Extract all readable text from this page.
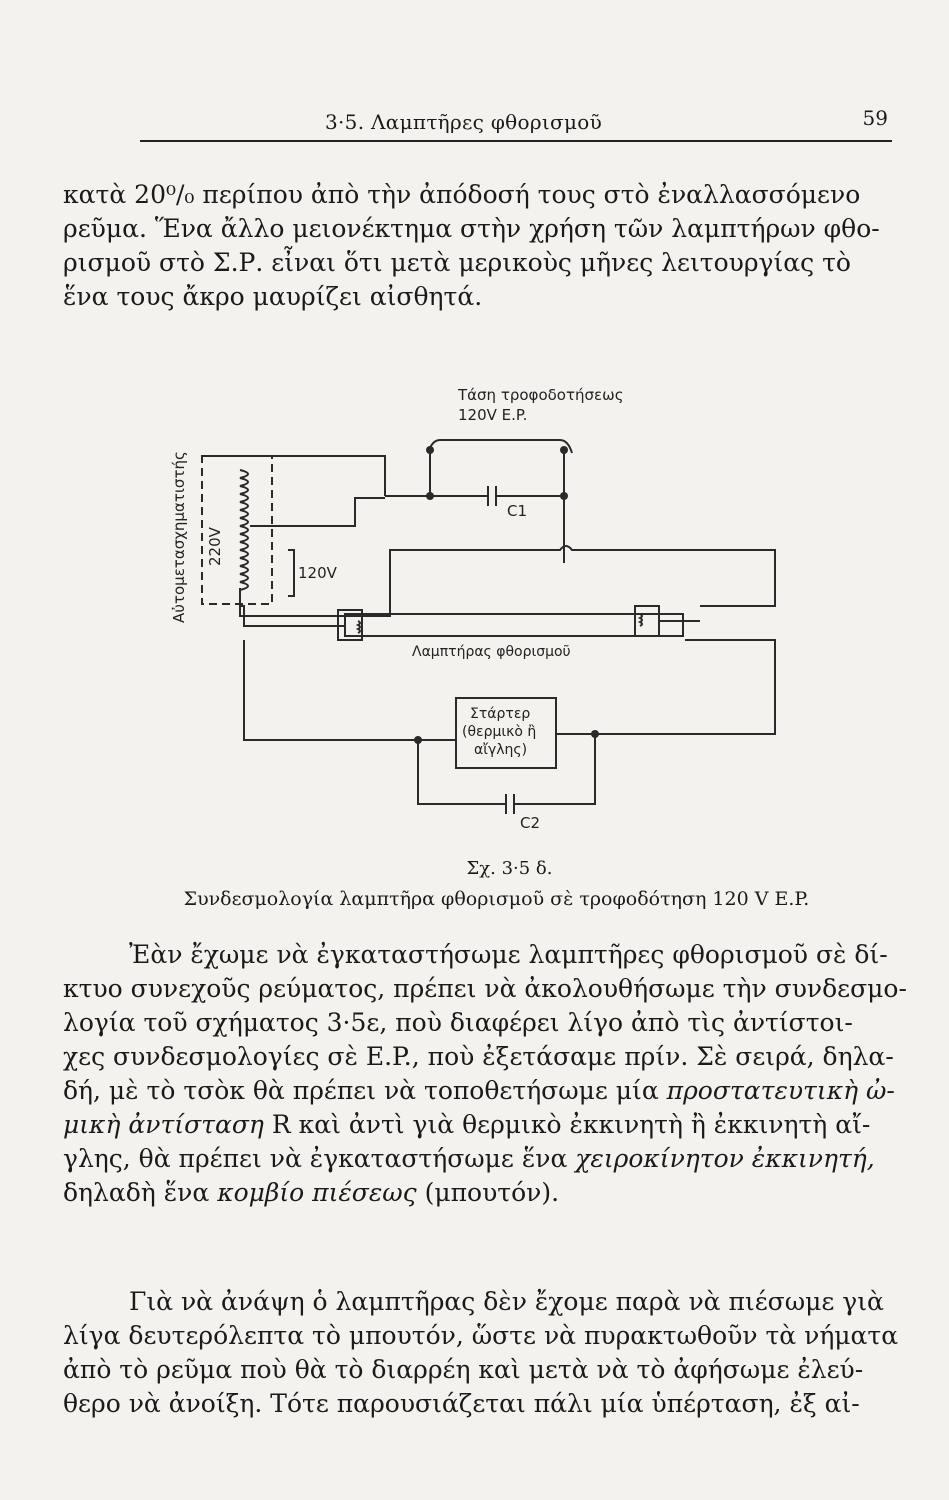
3·5. Λαμπτῆρες φθορισμοῦ	59

κατὰ 20⁰/₀ περίπου ἀπὸ τὴν ἀπόδοσή τους στὸ ἐναλλασσόμενο
ρεῦμα. Ἕνα ἄλλο μειονέκτημα στὴν χρήση τῶν λαμπτήρων φθο-
ρισμοῦ στὸ Σ.Ρ. εἶναι ὅτι μετὰ μερικοὺς μῆνες λειτουργίας τὸ
ἕνα τους ἄκρο μαυρίζει αἰσθητά.

Τάση τροφοδοτήσεως
120V E.P.
Αὐτομετασχηματιστής 220V
120V
C1
C2
Λαμπτήρας φθορισμοῦ
Στάρτερ
(θερμικὸ ἢ
αἴγλης)
Σχ. 3·5 δ.
Συνδεσμολογία λαμπτῆρα φθορισμοῦ σὲ τροφοδότηση 120 V E.P.

Ἐὰν ἔχωμε νὰ ἐγκαταστήσωμε λαμπτῆρες φθορισμοῦ σὲ δί-
κτυο συνεχοῦς ρεύματος, πρέπει νὰ ἀκολουθήσωμε τὴν συνδεσμο-
λογία τοῦ σχήματος 3·5ε, ποὺ διαφέρει λίγο ἀπὸ τὶς ἀντίστοι-
χες συνδεσμολογίες σὲ E.P., ποὺ ἐξετάσαμε πρίν. Σὲ σειρά, δηλα-
δή, μὲ τὸ τσὸκ θὰ πρέπει νὰ τοποθετήσωμε μία προστατευτικὴ ὠ-
μικὴ ἀντίσταση R καὶ ἀντὶ γιὰ θερμικὸ ἐκκινητὴ ἢ ἐκκινητὴ αἴ-
γλης, θὰ πρέπει νὰ ἐγκαταστήσωμε ἕνα χειροκίνητον ἐκκινητή,
δηλαδὴ ἕνα κομβίο πιέσεως (μπουτόν).

Γιὰ νὰ ἀνάψη ὁ λαμπτῆρας δὲν ἔχομε παρὰ νὰ πιέσωμε γιὰ
λίγα δευτερόλεπτα τὸ μπουτόν, ὥστε νὰ πυρακτωθοῦν τὰ νήματα
ἀπὸ τὸ ρεῦμα ποὺ θὰ τὸ διαρρέη καὶ μετὰ νὰ τὸ ἀφήσωμε ἐλεύ-
θερο νὰ ἀνοίξη. Τότε παρουσιάζεται πάλι μία ὑπέρταση, ἐξ αἰ-
